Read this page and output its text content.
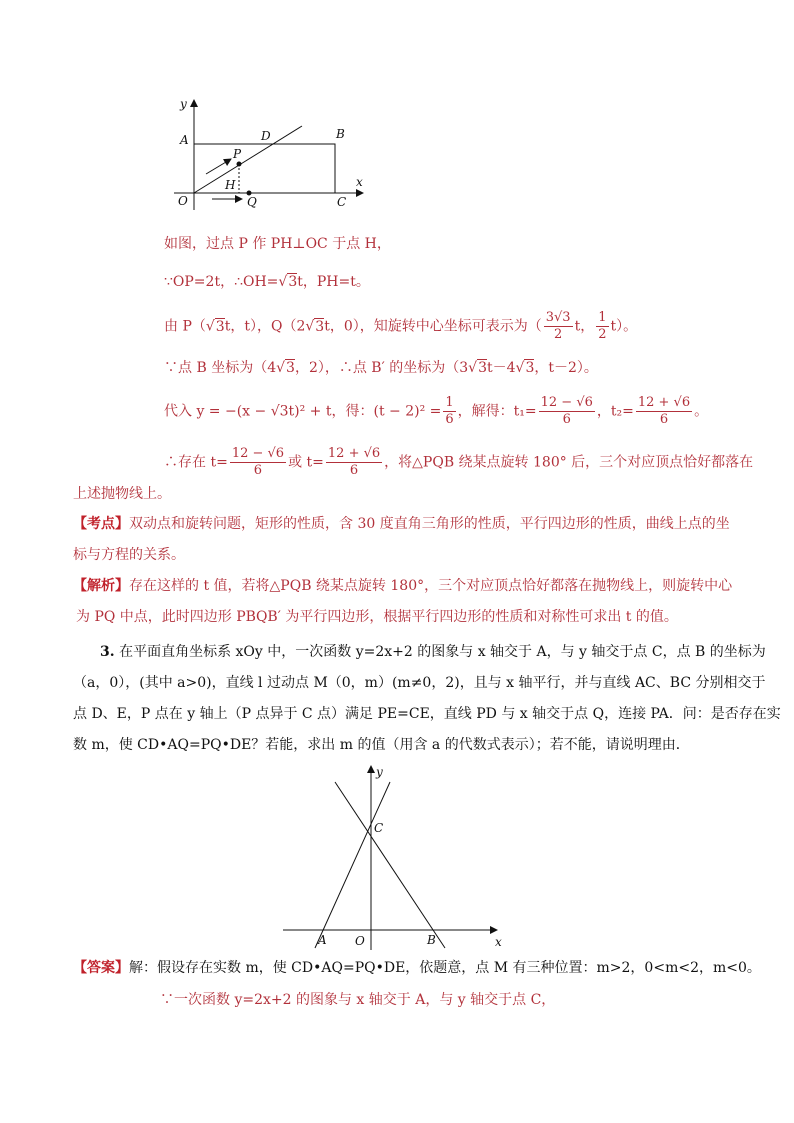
y
x
A	B
C
D
P
H
O	Q
如图，过点 P 作 PH⊥OC 于点 H，
∵OP=2t，∴OH=√3t，PH=t。
由 P（√3t，t），Q（2√3t，0），知旋转中心坐标可表示为（ $\frac{3√3}{2}$ t， $\frac{1}{2} t$）。
∵点 B 坐标为（4√3，2），∴点 B′ 的坐标为（3√3t－4√3，t－2）。
代入 y = −(x − √3t)² + t，得：$(t - 2)^2 = \frac{1}{6}$ ，解得：$t_1= \frac{12 - √6}{6}$ ，$t_2= \frac{12 + √6}{6}$ 。
∴存在 $t= \frac{12 - √6}{6}$ 或 $t= \frac{12 + √6}{6}$ ，将△PQB 绕某点旋转 180° 后，三个对应顶点恰好都落在
上述抛物线上。
【考点】双动点和旋转问题，矩形的性质，含 30 度直角三角形的性质，平行四边形的性质，曲线上点的坐
标与方程的关系。
【解析】存在这样的 t 值，若将△PQB 绕某点旋转 180°，三个对应顶点恰好都落在抛物线上，则旋转中心
为 PQ 中点，此时四边形 PBQB′ 为平行四边形，根据平行四边形的性质和对称性可求出 t 的值。
3. 在平面直角坐标系 xOy 中，一次函数 y=2x+2 的图象与 x 轴交于 A，与 y 轴交于点 C，点 B 的坐标为
（a，0），(其中 a>0)，直线 l 过动点 M（0，m）(m≠0，2)，且与 x 轴平行，并与直线 AC、BC 分别相交于
点 D、E，P 点在 y 轴上（P 点异于 C 点）满足 PE=CE，直线 PD 与 x 轴交于点 Q，连接 PA．问：是否存在实
数 m，使 CD•AQ=PQ•DE？若能，求出 m 的值（用含 a 的代数式表示）；若不能，请说明理由．
y
x
C
A O	B
【答案】解：假设存在实数 m，使 CD•AQ=PQ•DE，依题意，点 M 有三种位置：m>2，0<m<2，m<0。
∵一次函数 y=2x+2 的图象与 x 轴交于 A，与 y 轴交于点 C，
